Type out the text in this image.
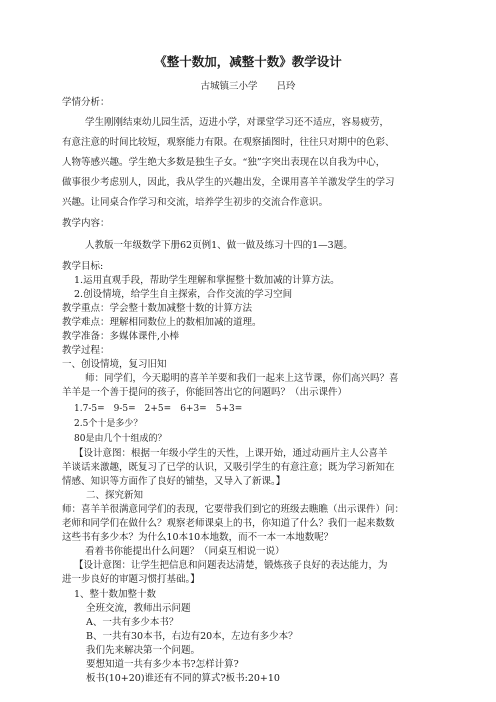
《整十数加，减整十数》教学设计
古城镇三小学　　吕玲
学情分析：
学生刚刚结束幼儿园生活，迈进小学，对课堂学习还不适应，容易疲劳，
有意注意的时间比较短，观察能力有限。在观察插图时，往往只对期中的色彩、
人物等感兴趣。学生绝大多数是独生子女。“独”字突出表现在以自我为中心，
做事很少考虑别人，因此，我从学生的兴趣出发，全课用喜羊羊激发学生的学习
兴趣。让同桌合作学习和交流，培养学生初步的交流合作意识。
教学内容：
人教版一年级数学下册62页例1、做一做及练习十四的1—3题。
教学目标:
1.运用直观手段，帮助学生理解和掌握整十数加减的计算方法。
2.创设情境，给学生自主探索，合作交流的学习空间
教学重点：学会整十数加减整十数的计算方法
教学难点：理解相同数位上的数相加减的道理。
教学准备：多媒体课件,小棒
教学过程：
一、创设情境，复习旧知
师：同学们，今天聪明的喜羊羊要和我们一起来上这节课，你们高兴吗？喜
羊羊是一个善于提问的孩子，你能回答出它的问题吗？（出示课件）
1.7-5=　9-5=　2+5=　6+3=　5+3=
2.5个十是多少？
80是由几个十组成的？
【设计意图：根据一年级小学生的天性，上课开始，通过动画片主人公喜羊
羊谈话来激趣，既复习了已学的认识，又吸引学生的有意注意；既为学习新知在
情感、知识等方面作了良好的铺垫，又导入了新课。】
二、探究新知
师：喜羊羊很满意同学们的表现，它要带我们到它的班级去瞧瞧（出示课件）问：
老师和同学们在做什么？观察老师课桌上的书，你知道了什么？我们一起来数数
这些书有多少本？为什么10本10本地数，而不一本一本地数呢？
看着书你能提出什么问题？（同桌互相说一说）
【设计意图：让学生把信息和问题表达清楚，锻炼孩子良好的表达能力，为
进一步良好的审题习惯打基础。】
1、整十数加整十数
全班交流，教师出示问题
A、一共有多少本书？
B、一共有30本书，右边有20本，左边有多少本？
我们先来解决第一个问题。
要想知道一共有多少本书?怎样计算?
板书(10+20)谁还有不同的算式?板书:20+10
